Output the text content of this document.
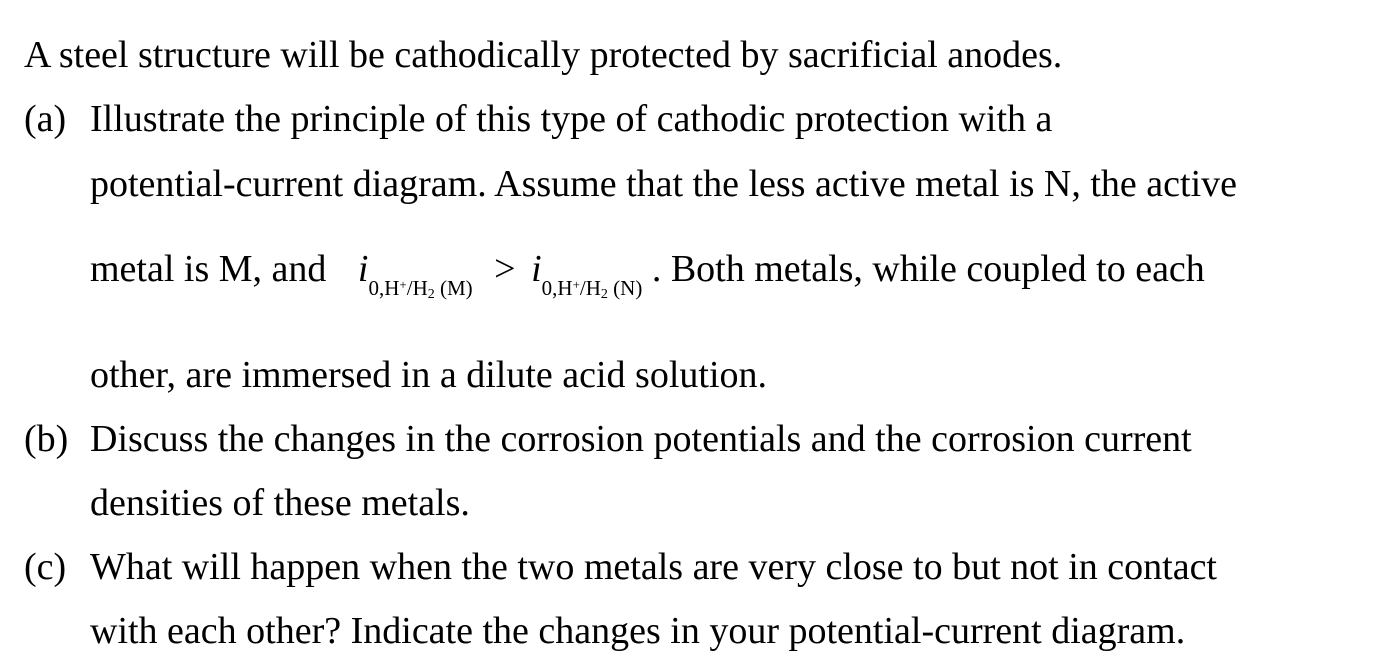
A steel structure will be cathodically protected by sacrificial anodes.
(a) Illustrate the principle of this type of cathodic protection with a
potential-current diagram. Assume that the less active metal is N, the active
metal is M, and $i_{0,H^+/H2 (M)} > i_{0,H^+/H2 (N)}$ . Both metals, while coupled to each
other, are immersed in a dilute acid solution.
(b) Discuss the changes in the corrosion potentials and the corrosion current
densities of these metals.
(c) What will happen when the two metals are very close to but not in contact
with each other? Indicate the changes in your potential-current diagram.
